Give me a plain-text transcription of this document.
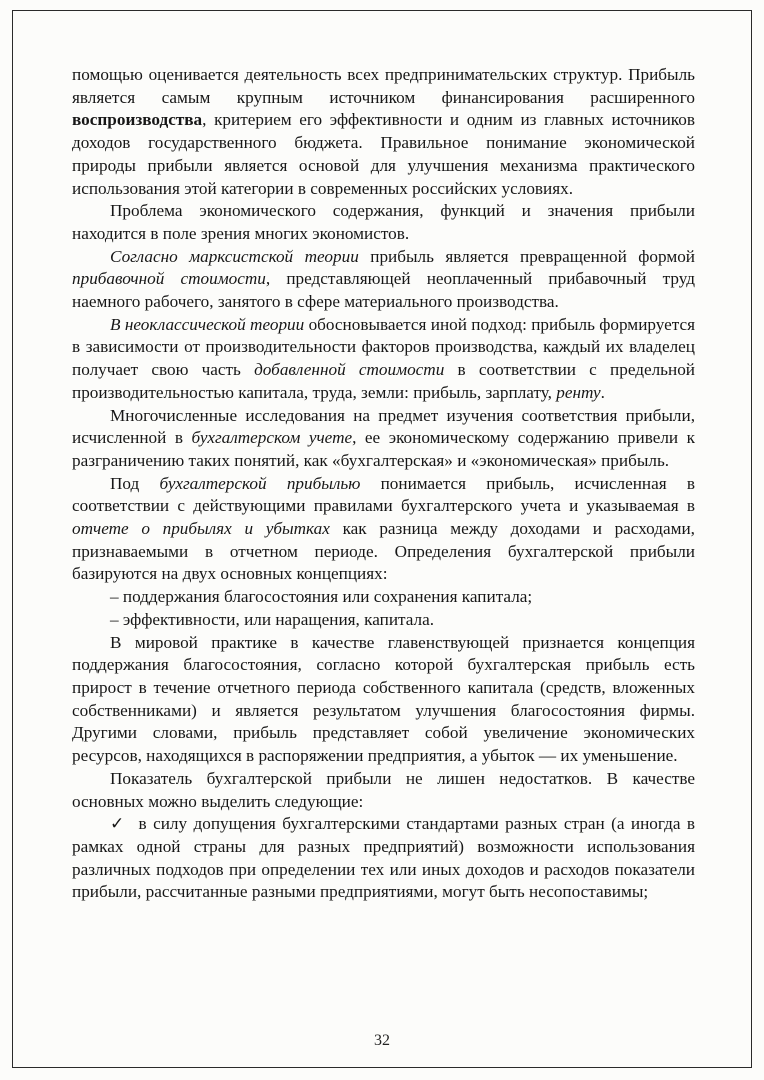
помощью оценивается деятельность всех предпринимательских структур. Прибыль является самым крупным источником финансирования расширенного воспроизводства, критерием его эффективности и одним из главных источников доходов государственного бюджета. Правильное понимание экономической природы прибыли является основой для улучшения механизма практического использования этой категории в современных российских условиях.

Проблема экономического содержания, функций и значения прибыли находится в поле зрения многих экономистов.

Согласно марксистской теории прибыль является превращенной формой прибавочной стоимости, представляющей неоплаченный прибавочный труд наемного рабочего, занятого в сфере материального производства.

В неоклассической теории обосновывается иной подход: прибыль формируется в зависимости от производительности факторов производства, каждый их владелец получает свою часть добавленной стоимости в соответствии с предельной производительностью капитала, труда, земли: прибыль, зарплату, ренту.

Многочисленные исследования на предмет изучения соответствия прибыли, исчисленной в бухгалтерском учете, ее экономическому содержанию привели к разграничению таких понятий, как «бухгалтерская» и «экономическая» прибыль.

Под бухгалтерской прибылью понимается прибыль, исчисленная в соответствии с действующими правилами бухгалтерского учета и указываемая в отчете о прибылях и убытках как разница между доходами и расходами, признаваемыми в отчетном периоде. Определения бухгалтерской прибыли базируются на двух основных концепциях:

– поддержания благосостояния или сохранения капитала;

– эффективности, или наращения, капитала.

В мировой практике в качестве главенствующей признается концепция поддержания благосостояния, согласно которой бухгалтерская прибыль есть прирост в течение отчетного периода собственного капитала (средств, вложенных собственниками) и является результатом улучшения благосостояния фирмы. Другими словами, прибыль представляет собой увеличение экономических ресурсов, находящихся в распоряжении предприятия, а убыток — их уменьшение.

Показатель бухгалтерской прибыли не лишен недостатков. В качестве основных можно выделить следующие:

✓ в силу допущения бухгалтерскими стандартами разных стран (а иногда в рамках одной страны для разных предприятий) возможности использования различных подходов при определении тех или иных доходов и расходов показатели прибыли, рассчитанные разными предприятиями, могут быть несопоставимы;

32
